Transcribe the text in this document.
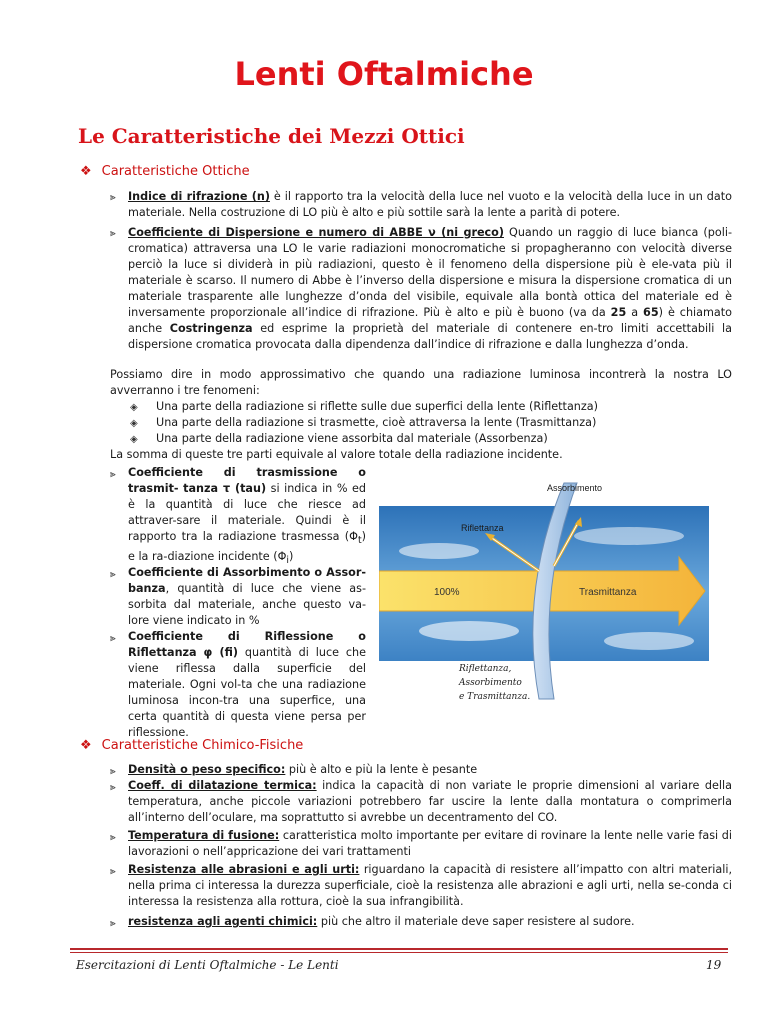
Lenti Oftalmiche
Le Caratteristiche dei Mezzi Ottici
❖ Caratteristiche Ottiche
⫸	Indice di rifrazione (n) è il rapporto tra la velocità della luce nel vuoto e la velocità della luce in un dato materiale. Nella costruzione di LO più è alto e più sottile sarà la lente a parità di potere.
⫸	Coefficiente di Dispersione e numero di ABBE ν (ni greco) Quando un raggio di luce bianca (poli-cromatica) attraversa una LO le varie radiazioni monocromatiche si propagheranno con velocità diverse perciò la luce si dividerà in più radiazioni, questo è il fenomeno della dispersione più è ele-vata più il materiale è scarso. Il numero di Abbe è l’inverso della dispersione e misura la dispersione cromatica di un materiale trasparente alle lunghezze d’onda del visibile, equivale alla bontà ottica del materiale ed è inversamente proporzionale all’indice di rifrazione. Più è alto e più è buono (va da 25 a 65) è chiamato anche Costringenza ed esprime la proprietà del materiale di contenere en-tro limiti accettabili la dispersione cromatica provocata dalla dipendenza dall’indice di rifrazione e dalla lunghezza d’onda.
Possiamo dire in modo approssimativo che quando una radiazione luminosa incontrerà la nostra LO avverranno i tre fenomeni:
◈	Una parte della radiazione si riflette sulle due superfici della lente (Riflettanza)
◈	Una parte della radiazione si trasmette, cioè attraversa la lente (Trasmittanza)
◈	Una parte della radiazione viene assorbita dal materiale (Assorbenza)
La somma di queste tre parti equivale al valore totale della radiazione incidente.
⫸	Coefficiente di trasmissione o trasmit- tanza τ (tau) si indica in % ed è la quantità di luce che riesce ad attraver-sare il materiale. Quindi è il rapporto tra la radiazione trasmessa $(\Phi_t)$ e la ra-diazione incidente $(\Phi_i)$
⫸	Coefficiente di Assorbimento o Assor- banza, quantità di luce che viene as-sorbita dal materiale, anche questo va-lore viene indicato in %
⫸	Coefficiente di Riflessione o Riflettanza φ (fi) quantità di luce che viene riflessa dalla superficie del materiale. Ogni vol-ta che una radiazione luminosa incon-tra una superfice, una certa quantità di questa viene persa per riflessione.
Assorbimento
Riflettanza
100%	Trasmittanza
Riflettanza,
Assorbimento
e Trasmittanza.
❖ Caratteristiche Chimico-Fisiche
⫸	Densità o peso specifico: più è alto e più la lente è pesante
⫸	Coeff. di dilatazione termica: indica la capacità di non variate le proprie dimensioni al variare della temperatura, anche piccole variazioni potrebbero far uscire la lente dalla montatura o comprimerla all’interno dell’oculare, ma soprattutto si avrebbe un decentramento del CO.
⫸	Temperatura di fusione: caratteristica molto importante per evitare di rovinare la lente nelle varie fasi di lavorazioni o nell’appricazione dei vari trattamenti
⫸	Resistenza alle abrasioni e agli urti: riguardano la capacità di resistere all’impatto con altri materiali, nella prima ci interessa la durezza superficiale, cioè la resistenza alle abrazioni e agli urti, nella se-conda ci interessa la resistenza alla rottura, cioè la sua infrangibilità.
⫸	resistenza agli agenti chimici: più che altro il materiale deve saper resistere al sudore.
Esercitazioni di Lenti Oftalmiche - Le Lenti	19
